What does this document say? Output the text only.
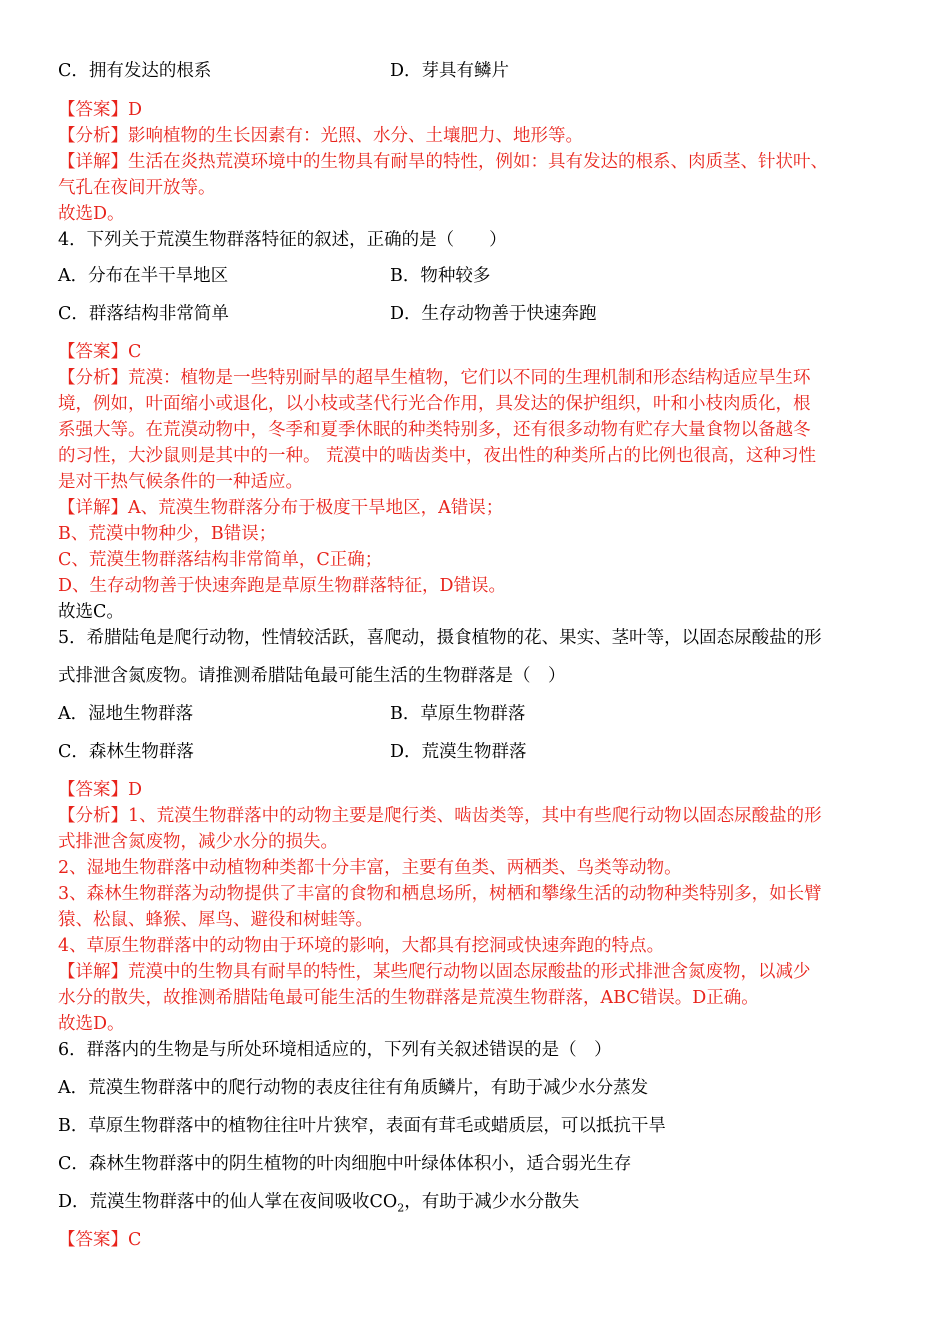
C．拥有发达的根系	D．芽具有鳞片
【答案】D
【分析】影响植物的生长因素有：光照、水分、土壤肥力、地形等。
【详解】生活在炎热荒漠环境中的生物具有耐旱的特性，例如：具有发达的根系、肉质茎、针状叶、
气孔在夜间开放等。
故选D。
4．下列关于荒漠生物群落特征的叙述，正确的是（　　）
A．分布在半干旱地区	B．物种较多
C．群落结构非常简单	D．生存动物善于快速奔跑
【答案】C
【分析】荒漠：植物是一些特别耐旱的超旱生植物，它们以不同的生理机制和形态结构适应旱生环
境，例如，叶面缩小或退化，以小枝或茎代行光合作用，具发达的保护组织，叶和小枝肉质化，根
系强大等。在荒漠动物中，冬季和夏季休眠的种类特别多，还有很多动物有贮存大量食物以备越冬
的习性，大沙鼠则是其中的一种。 荒漠中的啮齿类中，夜出性的种类所占的比例也很高，这种习性
是对干热气候条件的一种适应。
【详解】A、荒漠生物群落分布于极度干旱地区，A错误；
B、荒漠中物种少，B错误；
C、荒漠生物群落结构非常简单，C正确；
D、生存动物善于快速奔跑是草原生物群落特征，D错误。
故选C。
5．希腊陆龟是爬行动物，性情较活跃，喜爬动，摄食植物的花、果实、茎叶等，以固态尿酸盐的形
式排泄含氮废物。请推测希腊陆龟最可能生活的生物群落是（　）
A．湿地生物群落	B．草原生物群落
C．森林生物群落	D．荒漠生物群落
【答案】D
【分析】1、荒漠生物群落中的动物主要是爬行类、啮齿类等，其中有些爬行动物以固态尿酸盐的形
式排泄含氮废物，减少水分的损失。
2、湿地生物群落中动植物种类都十分丰富，主要有鱼类、两栖类、鸟类等动物。
3、森林生物群落为动物提供了丰富的食物和栖息场所，树栖和攀缘生活的动物种类特别多，如长臂
猿、松鼠、蜂猴、犀鸟、避役和树蛙等。
4、草原生物群落中的动物由于环境的影响，大都具有挖洞或快速奔跑的特点。
【详解】荒漠中的生物具有耐旱的特性，某些爬行动物以固态尿酸盐的形式排泄含氮废物，以减少
水分的散失，故推测希腊陆龟最可能生活的生物群落是荒漠生物群落，ABC错误。D正确。
故选D。
6．群落内的生物是与所处环境相适应的，下列有关叙述错误的是（　）
A．荒漠生物群落中的爬行动物的表皮往往有角质鳞片，有助于减少水分蒸发
B．草原生物群落中的植物往往叶片狭窄，表面有茸毛或蜡质层，可以抵抗干旱
C．森林生物群落中的阴生植物的叶肉细胞中叶绿体体积小，适合弱光生存
D．荒漠生物群落中的仙人掌在夜间吸收$CO_2$，有助于减少水分散失
【答案】C
